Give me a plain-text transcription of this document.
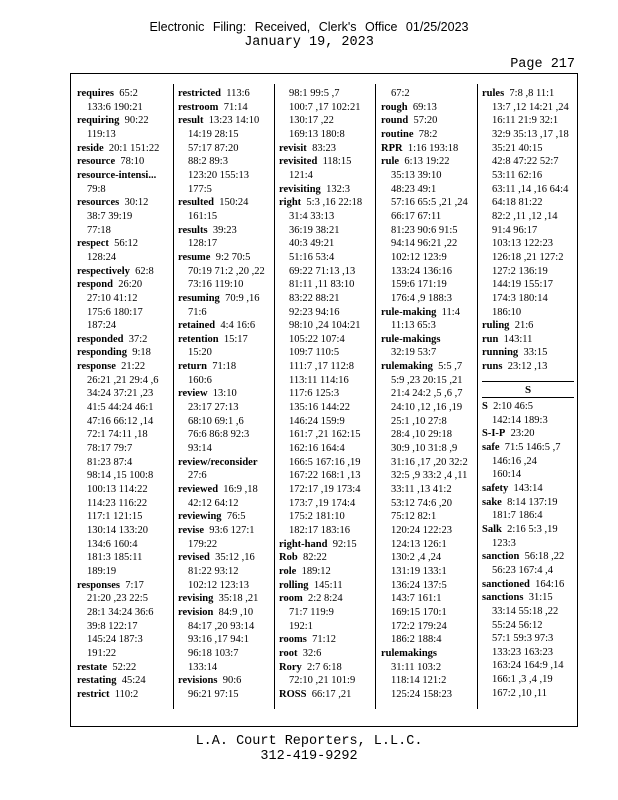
Electronic Filing: Received, Clerk's Office 01/25/2023
January 19, 2023
Page 217
requires 65:2
133:6 190:21
requiring 90:22
119:13
reside 20:1 151:22
resource 78:10
resource-intensi...
79:8
resources 30:12
38:7 39:19
77:18
respect 56:12
128:24
respectively 62:8
respond 26:20
27:10 41:12
175:6 180:17
187:24
responded 37:2
responding 9:18
response 21:22
26:21 ,21 29:4 ,6
34:24 37:21 ,23
41:5 44:24 46:1
47:16 66:12 ,14
72:1 74:11 ,18
78:17 79:7
81:23 87:4
98:14 ,15 100:8
100:13 114:22
114:23 116:22
117:1 121:15
130:14 133:20
134:6 160:4
181:3 185:11
189:19
responses 7:17
21:20 ,23 22:5
28:1 34:24 36:6
39:8 122:17
145:24 187:3
191:22
restate 52:22
restating 45:24
restrict 110:2
restricted 113:6
restroom 71:14
result 13:23 14:10
14:19 28:15
57:17 87:20
88:2 89:3
123:20 155:13
177:5
resulted 150:24
161:15
results 39:23
128:17
resume 9:2 70:5
70:19 71:2 ,20 ,22
73:16 119:10
resuming 70:9 ,16
71:6
retained 4:4 16:6
retention 15:17
15:20
return 71:18
160:6
review 13:10
23:17 27:13
68:10 69:1 ,6
76:6 86:8 92:3
93:14
review/reconsider
27:6
reviewed 16:9 ,18
42:12 64:12
reviewing 76:5
revise 93:6 127:1
179:22
revised 35:12 ,16
81:22 93:12
102:12 123:13
revising 35:18 ,21
revision 84:9 ,10
84:17 ,20 93:14
93:16 ,17 94:1
96:18 103:7
133:14
revisions 90:6
96:21 97:15
98:1 99:5 ,7
100:7 ,17 102:21
130:17 ,22
169:13 180:8
revisit 83:23
revisited 118:15
121:4
revisiting 132:3
right 5:3 ,16 22:18
31:4 33:13
36:19 38:21
40:3 49:21
51:16 53:4
69:22 71:13 ,13
81:11 ,11 83:10
83:22 88:21
92:23 94:16
98:10 ,24 104:21
105:22 107:4
109:7 110:5
111:7 ,17 112:8
113:11 114:16
117:6 125:3
135:16 144:22
146:24 159:9
161:7 ,21 162:15
162:16 164:4
166:5 167:16 ,19
167:22 168:1 ,13
172:17 ,19 173:4
173:7 ,19 174:4
175:2 181:10
182:17 183:16
right-hand 92:15
Rob 82:22
role 189:12
rolling 145:11
room 2:2 8:24
71:7 119:9
192:1
rooms 71:12
root 32:6
Rory 2:7 6:18
72:10 ,21 101:9
ROSS 66:17 ,21
67:2
rough 69:13
round 57:20
routine 78:2
RPR 1:16 193:18
rule 6:13 19:22
35:13 39:10
48:23 49:1
57:16 65:5 ,21 ,24
66:17 67:11
81:23 90:6 91:5
94:14 96:21 ,22
102:12 123:9
133:24 136:16
159:6 171:19
176:4 ,9 188:3
rule-making 11:4
11:13 65:3
rule-makings
32:19 53:7
rulemaking 5:5 ,7
5:9 ,23 20:15 ,21
21:4 24:2 ,5 ,6 ,7
24:10 ,12 ,16 ,19
25:1 ,10 27:8
28:4 ,10 29:18
30:9 ,10 31:8 ,9
31:16 ,17 ,20 32:2
32:5 ,9 33:2 ,4 ,11
33:11 ,13 41:2
53:12 74:6 ,20
75:12 82:1
120:24 122:23
124:13 126:1
130:2 ,4 ,24
131:19 133:1
136:24 137:5
143:7 161:1
169:15 170:1
172:2 179:24
186:2 188:4
rulemakings
31:11 103:2
118:14 121:2
125:24 158:23
rules 7:8 ,8 11:1
13:7 ,12 14:21 ,24
16:11 21:9 32:1
32:9 35:13 ,17 ,18
35:21 40:15
42:8 47:22 52:7
53:11 62:16
63:11 ,14 ,16 64:4
64:18 81:22
82:2 ,11 ,12 ,14
91:4 96:17
103:13 122:23
126:18 ,21 127:2
127:2 136:19
144:19 155:17
174:3 180:14
186:10
ruling 21:6
run 143:11
running 33:15
runs 23:12 ,13
S
S 2:10 46:5
142:14 189:3
S-I-P 23:20
safe 71:5 146:5 ,7
146:16 ,24
160:14
safety 143:14
sake 8:14 137:19
181:7 186:4
Salk 2:16 5:3 ,19
123:3
sanction 56:18 ,22
56:23 167:4 ,4
sanctioned 164:16
sanctions 31:15
33:14 55:18 ,22
55:24 56:12
57:1 59:3 97:3
133:23 163:23
163:24 164:9 ,14
166:1 ,3 ,4 ,19
167:2 ,10 ,11
L.A. Court Reporters, L.L.C.
312-419-9292
